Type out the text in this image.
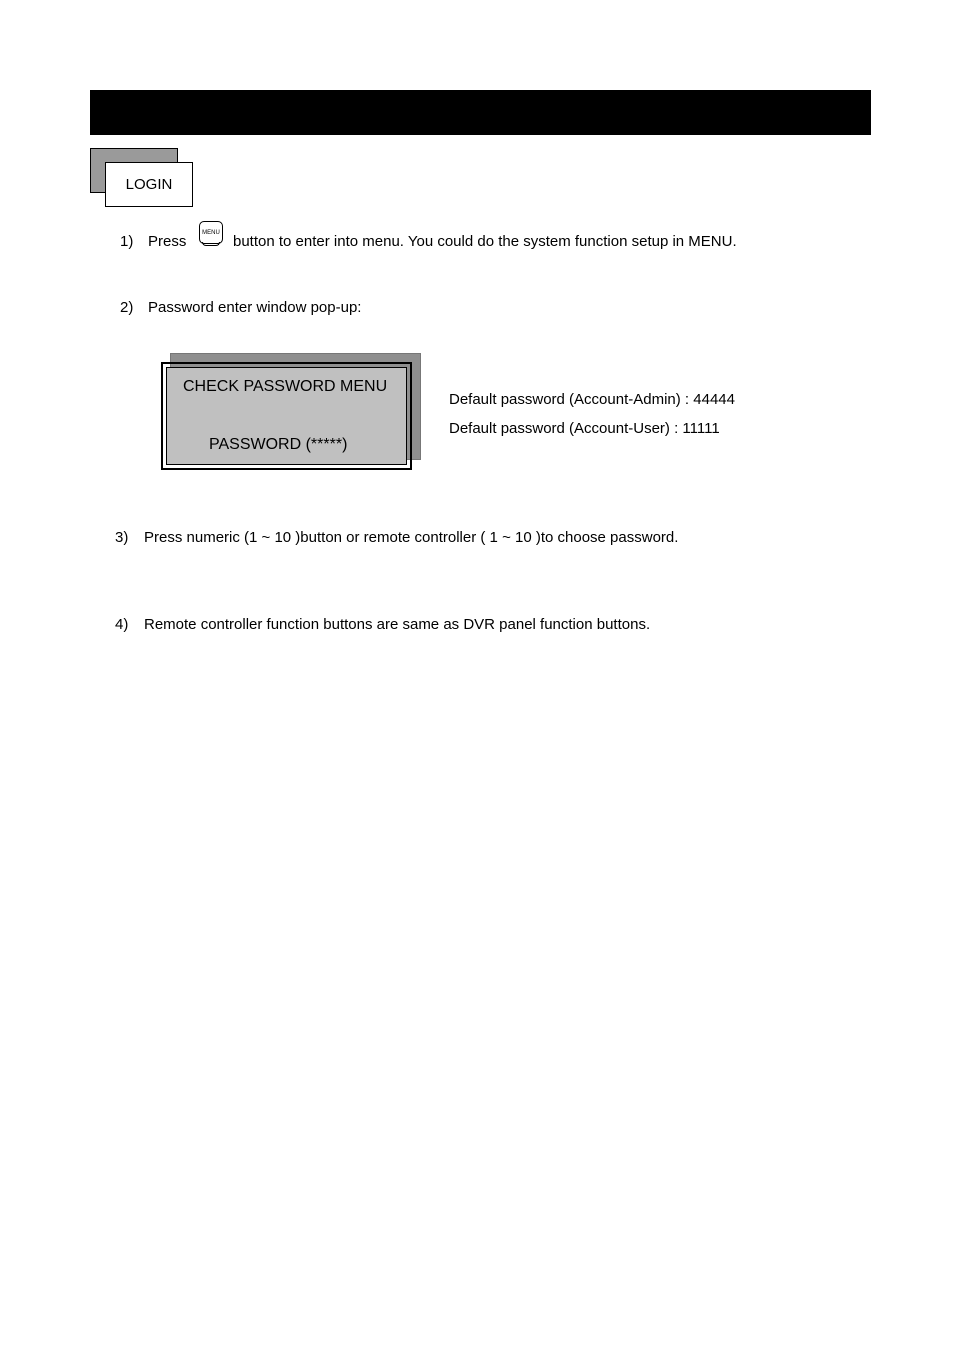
LOGIN
1) Press	MENU button to enter into menu. You could do the system function setup in MENU.
2) Password enter window pop-up:
CHECK PASSWORD MENU
PASSWORD (*****)
Default password (Account-Admin) : 44444
Default password (Account-User) : 11111
3) Press numeric (1 ~ 10 )button or remote controller ( 1 ~ 10 )to choose password.
4) Remote controller function buttons are same as DVR panel function buttons.
